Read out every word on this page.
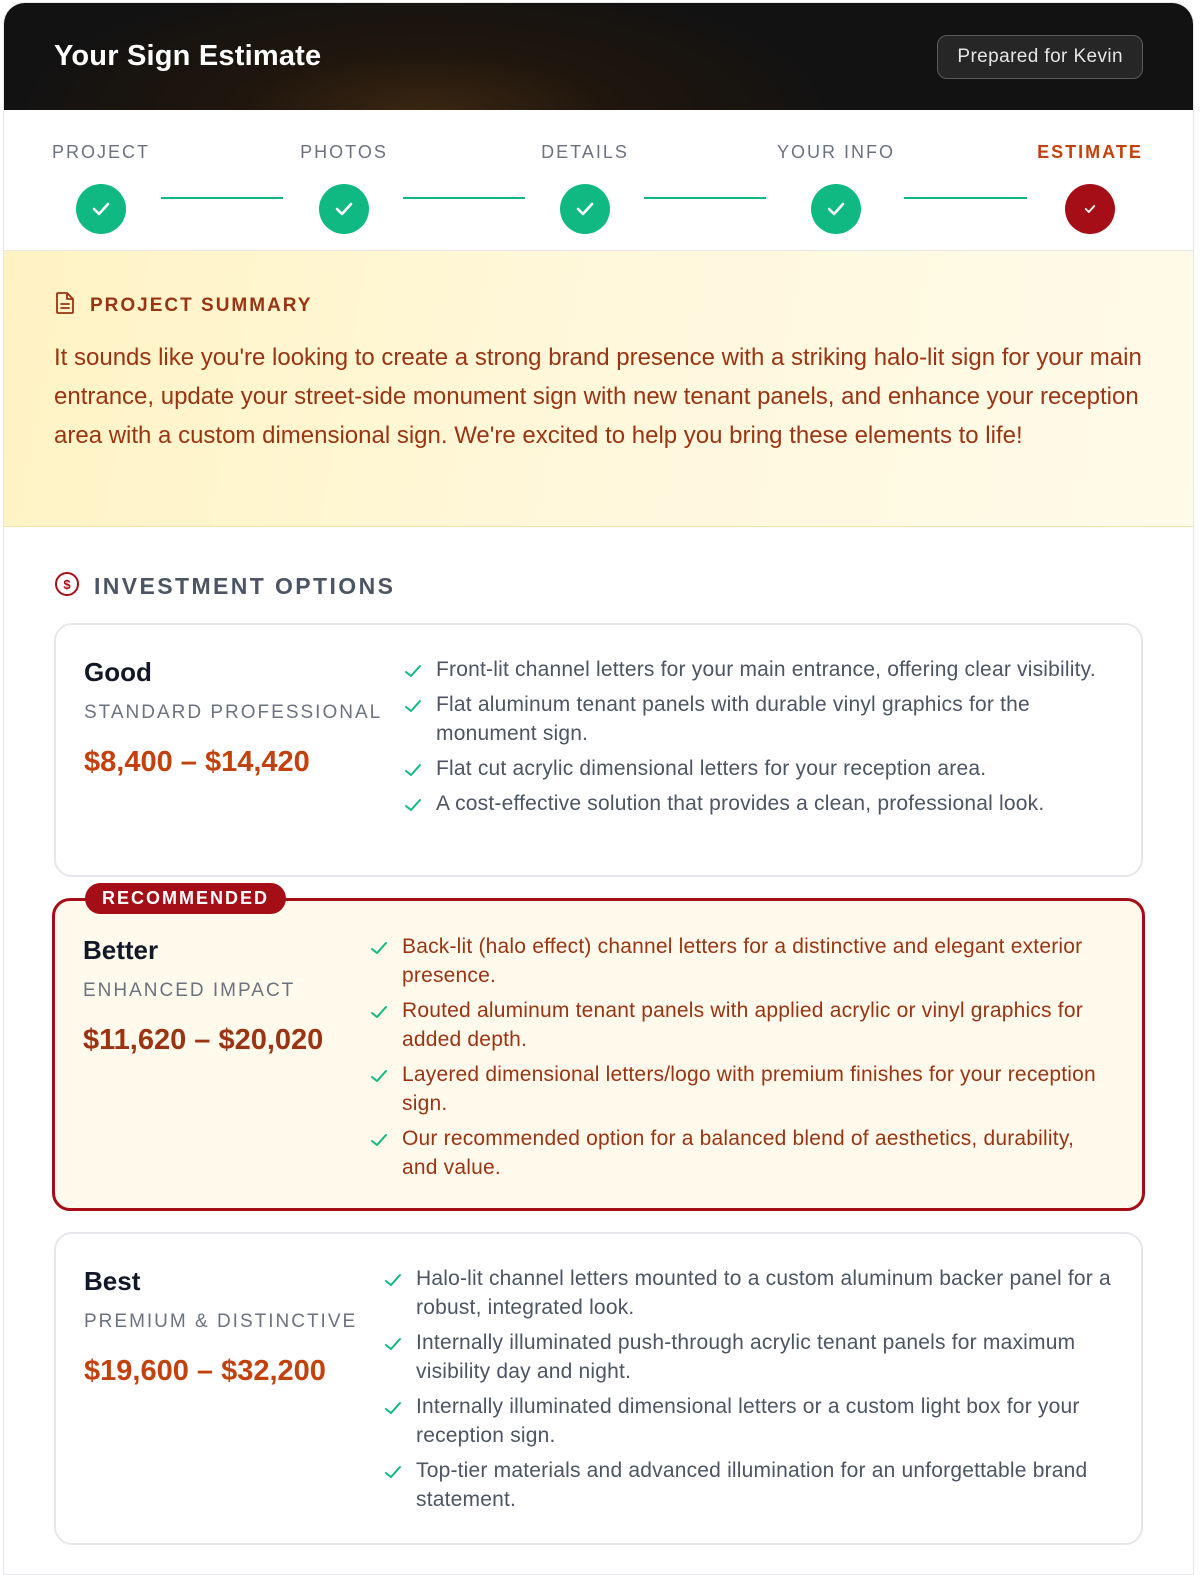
Your Sign Estimate	Prepared for Kevin
PROJECT	PHOTOS	DETAILS	YOUR INFO	ESTIMATE
PROJECT SUMMARY

It sounds like you're looking to create a strong brand presence with a striking halo-lit sign for your main entrance, update your street-side monument sign with new tenant panels, and enhance your reception area with a custom dimensional sign. We're excited to help you bring these elements to life!

$ INVESTMENT OPTIONS
Good
STANDARD PROFESSIONAL
$8,400 – $14,420
Front-lit channel letters for your main entrance, offering clear visibility.
Flat aluminum tenant panels with durable vinyl graphics for the monument sign.
Flat cut acrylic dimensional letters for your reception area.
A cost-effective solution that provides a clean, professional look.
RECOMMENDED
Better
ENHANCED IMPACT
$11,620 – $20,020
Back-lit (halo effect) channel letters for a distinctive and elegant exterior presence.
Routed aluminum tenant panels with applied acrylic or vinyl graphics for added depth.
Layered dimensional letters/logo with premium finishes for your reception sign.
Our recommended option for a balanced blend of aesthetics, durability, and value.
Best
PREMIUM & DISTINCTIVE
$19,600 – $32,200
Halo-lit channel letters mounted to a custom aluminum backer panel for a robust, integrated look.
Internally illuminated push-through acrylic tenant panels for maximum visibility day and night.
Internally illuminated dimensional letters or a custom light box for your reception sign.
Top-tier materials and advanced illumination for an unforgettable brand statement.
